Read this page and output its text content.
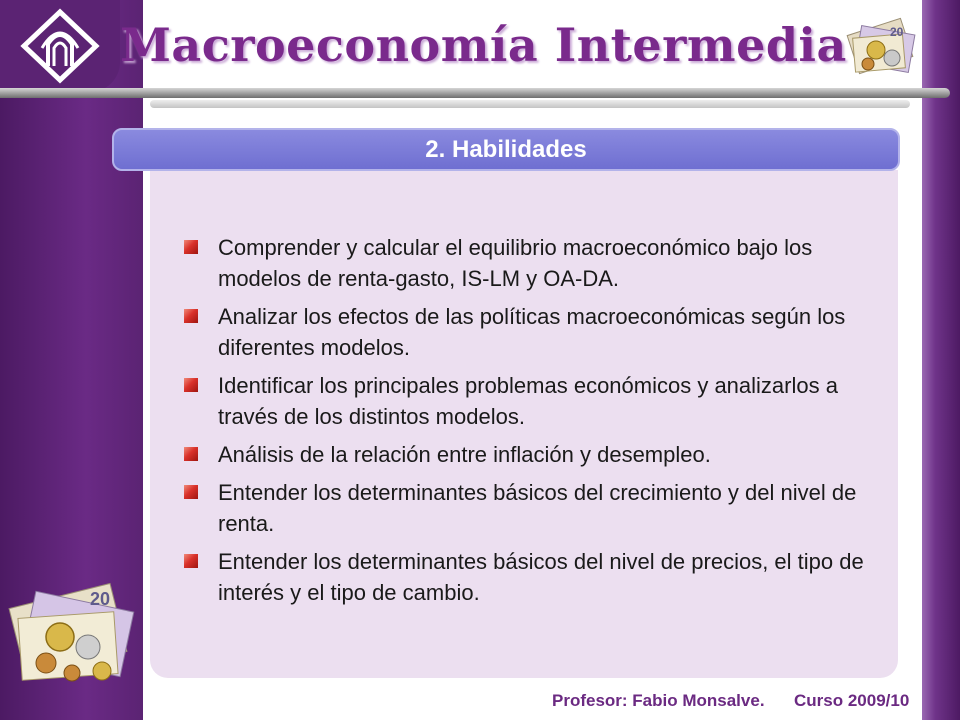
Macroeconomía Intermedia	20
20
2. Habilidades
Comprender y calcular el equilibrio macroeconómico bajo los modelos de renta-gasto, IS-LM y OA-DA.
Analizar los efectos de las políticas macroeconómicas según los diferentes modelos.
Identificar los principales problemas económicos y analizarlos a través de los distintos modelos.
Análisis de la relación entre inflación y desempleo.
Entender los determinantes básicos del crecimiento y del nivel de renta.
Entender los determinantes básicos del nivel de precios, el tipo de interés y el tipo de cambio.
Profesor: Fabio Monsalve. Curso 2009/10
